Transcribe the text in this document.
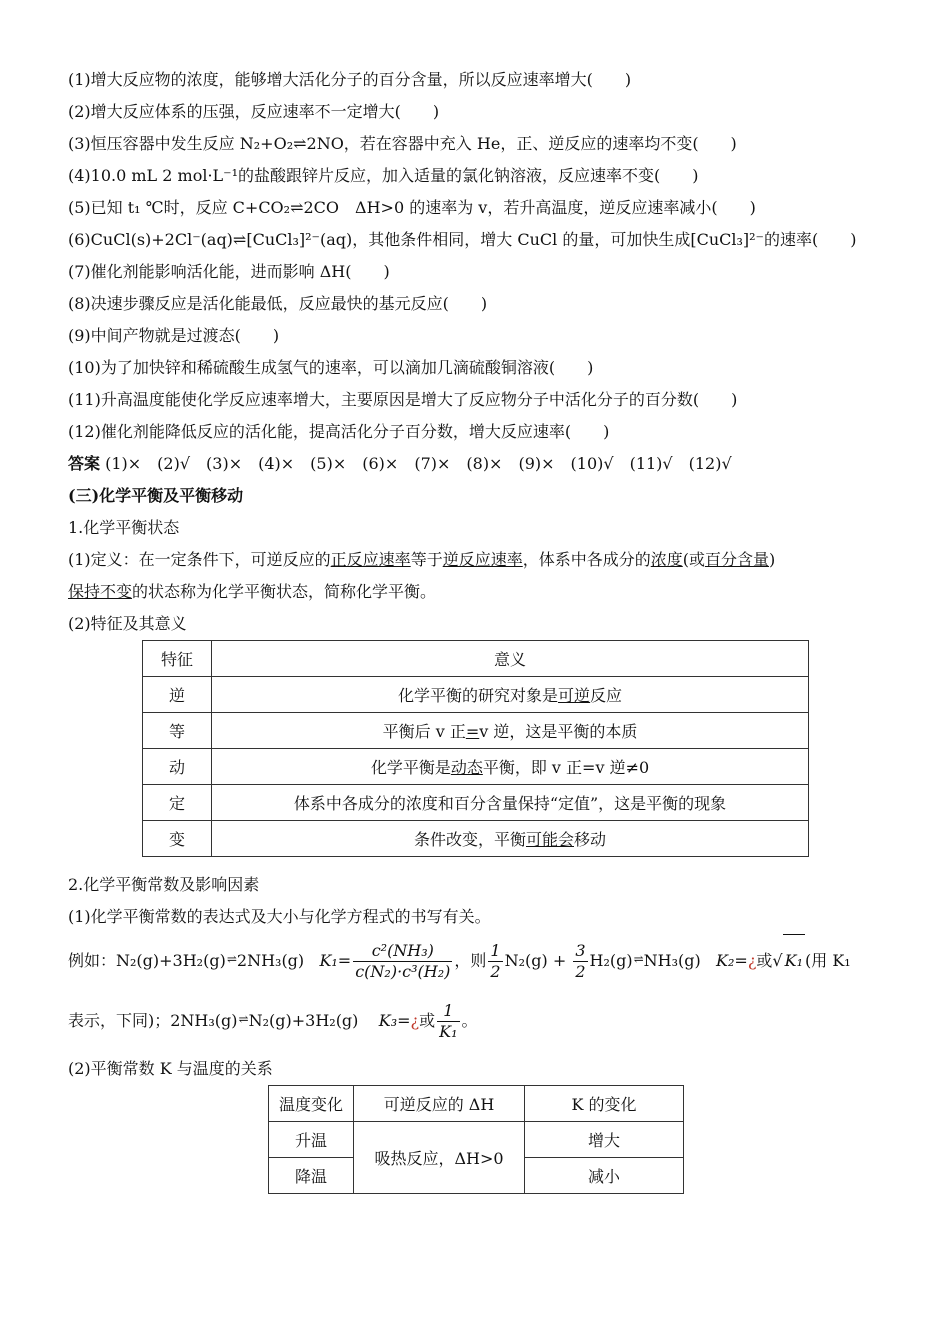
(1)增大反应物的浓度，能够增大活化分子的百分含量，所以反应速率增大(　　)
(2)增大反应体系的压强，反应速率不一定增大(　　)
(3)恒压容器中发生反应 N₂+O₂⇌2NO，若在容器中充入 He，正、逆反应的速率均不变(　　)
(4)10.0 mL 2 mol·L⁻¹的盐酸跟锌片反应，加入适量的氯化钠溶液，反应速率不变(　　)
(5)已知 t₁ ℃时，反应 C+CO₂⇌2CO　ΔH>0 的速率为 v，若升高温度，逆反应速率减小(　　)
(6)CuCl(s)+2Cl⁻(aq)⇌[CuCl₃]²⁻(aq)，其他条件相同，增大 CuCl 的量，可加快生成[CuCl₃]²⁻的速率(　　)
(7)催化剂能影响活化能，进而影响 ΔH(　　)
(8)决速步骤反应是活化能最低，反应最快的基元反应(　　)
(9)中间产物就是过渡态(　　)
(10)为了加快锌和稀硫酸生成氢气的速率，可以滴加几滴硫酸铜溶液(　　)
(11)升高温度能使化学反应速率增大，主要原因是增大了反应物分子中活化分子的百分数(　　)
(12)催化剂能降低反应的活化能，提高活化分子百分数，增大反应速率(　　)
答案 (1)×　(2)√　(3)×　(4)×　(5)×　(6)×　(7)×　(8)×　(9)×　(10)√　(11)√　(12)√
(三)化学平衡及平衡移动
1.化学平衡状态
(1)定义：在一定条件下，可逆反应的正反应速率等于逆反应速率，体系中各成分的浓度(或百分含量)
保持不变的状态称为化学平衡状态，简称化学平衡。
(2)特征及其意义
特征	意义
逆	化学平衡的研究对象是可逆反应
等	平衡后 v 正=v 逆，这是平衡的本质
动	化学平衡是动态平衡，即 v 正=v 逆≠0
定	体系中各成分的浓度和百分含量保持“定值”，这是平衡的现象
变	条件改变，平衡可能会移动
2.化学平衡常数及影响因素
(1)化学平衡常数的表达式及大小与化学方程式的书写有关。
例如：N₂(g)+3H₂(g)⇌2NH₃(g) $K_1= \frac{\text{c²(NH₃)}}{\text{c(N₂)·c³(H₂)}}$ ，则 $\frac{1}{2} N_2(g) + \frac{3}{2}$ H₂(g)⇌NH₃(g) K₂=¿或√ K₁ (用 K₁
表示，下同)；2NH₃(g)⇌N₂(g)+3H₂(g) K₃=¿或 $\frac{1}{\text{K₁}}$ 。
(2)平衡常数 K 与温度的关系
温度变化	可逆反应的 ΔH	K 的变化
升温	吸热反应，ΔH>0	增大
降温		减小
